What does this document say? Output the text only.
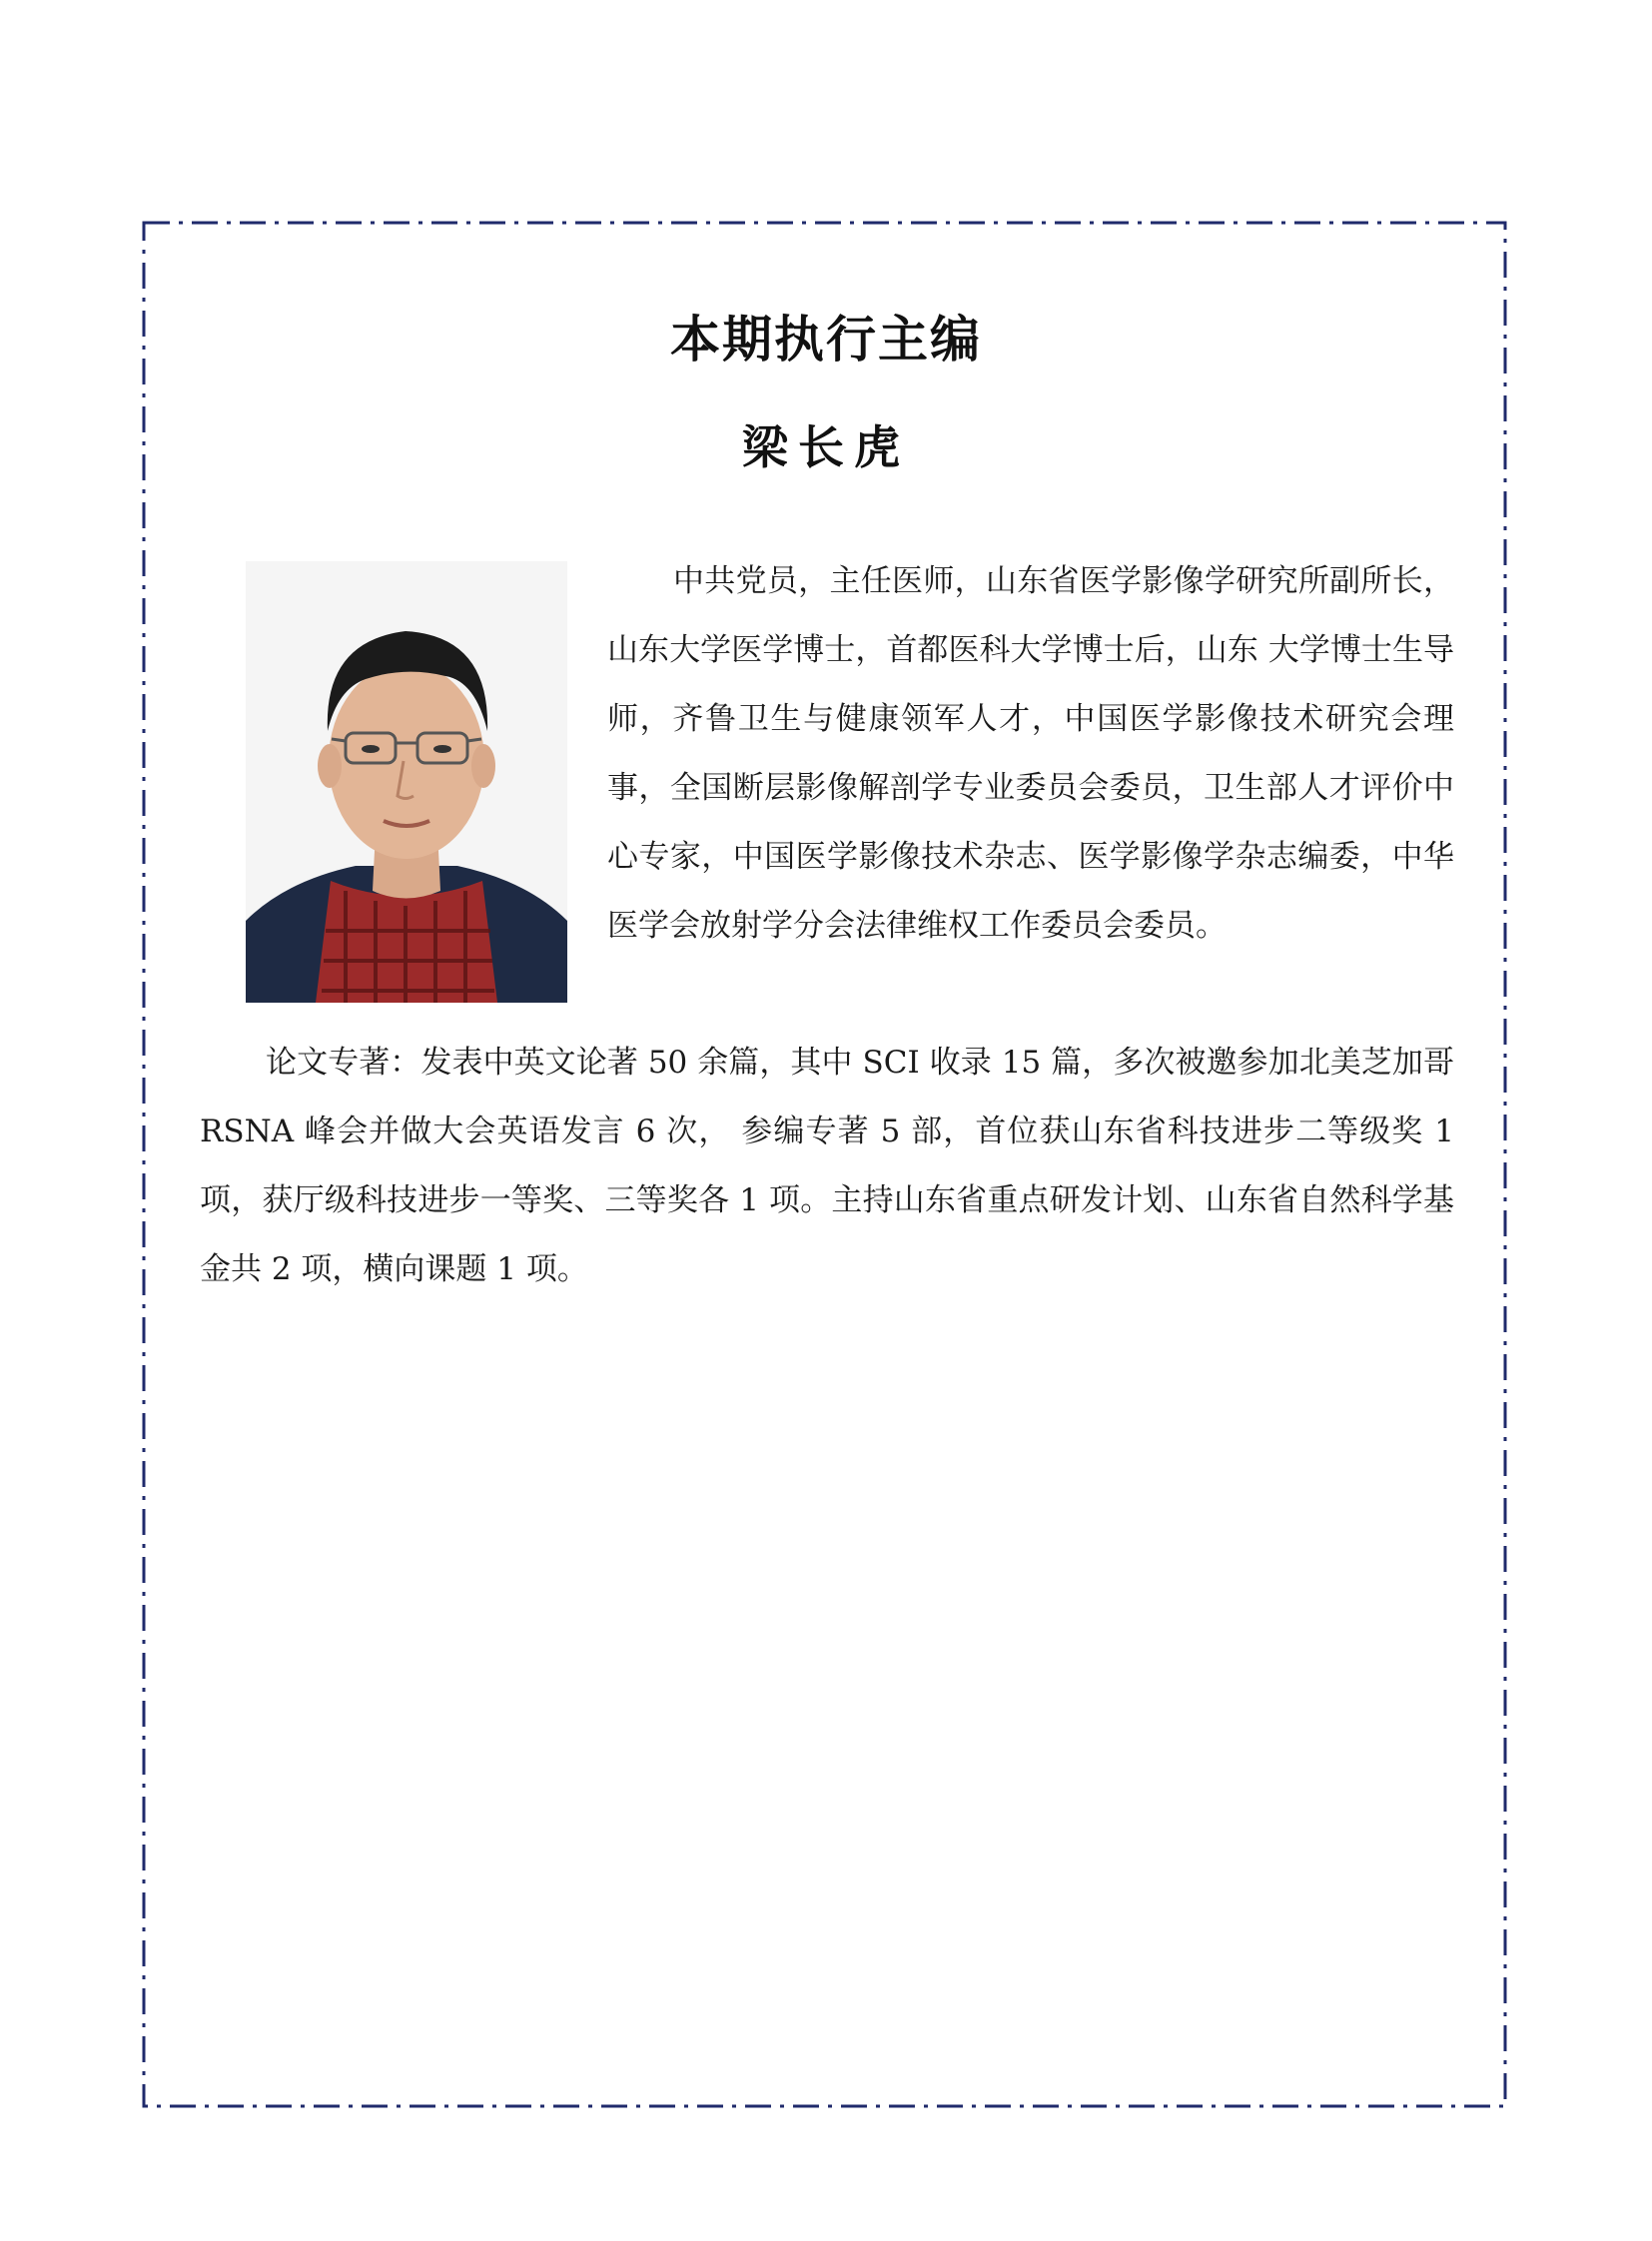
本期执行主编
梁长虎

中共党员，主任医师，山东省医学影像学研究所副所长，山东大学医学博士，首都医科大学博士后，山东 大学博士生导师，齐鲁卫生与健康领军人才，中国医学影像技术研究会理事，全国断层影像解剖学专业委员会委员，卫生部人才评价中心专家，中国医学影像技术杂志、医学影像学杂志编委，中华医学会放射学分会法律维权工作委员会委员。

论文专著：发表中英文论著 50 余篇，其中 SCI 收录 15 篇，多次被邀参加北美芝加哥 RSNA 峰会并做大会英语发言 6 次， 参编专著 5 部，首位获山东省科技进步二等级奖 1 项，获厅级科技进步一等奖、三等奖各 1 项。主持山东省重点研发计划、山东省自然科学基金共 2 项，横向课题 1 项。
